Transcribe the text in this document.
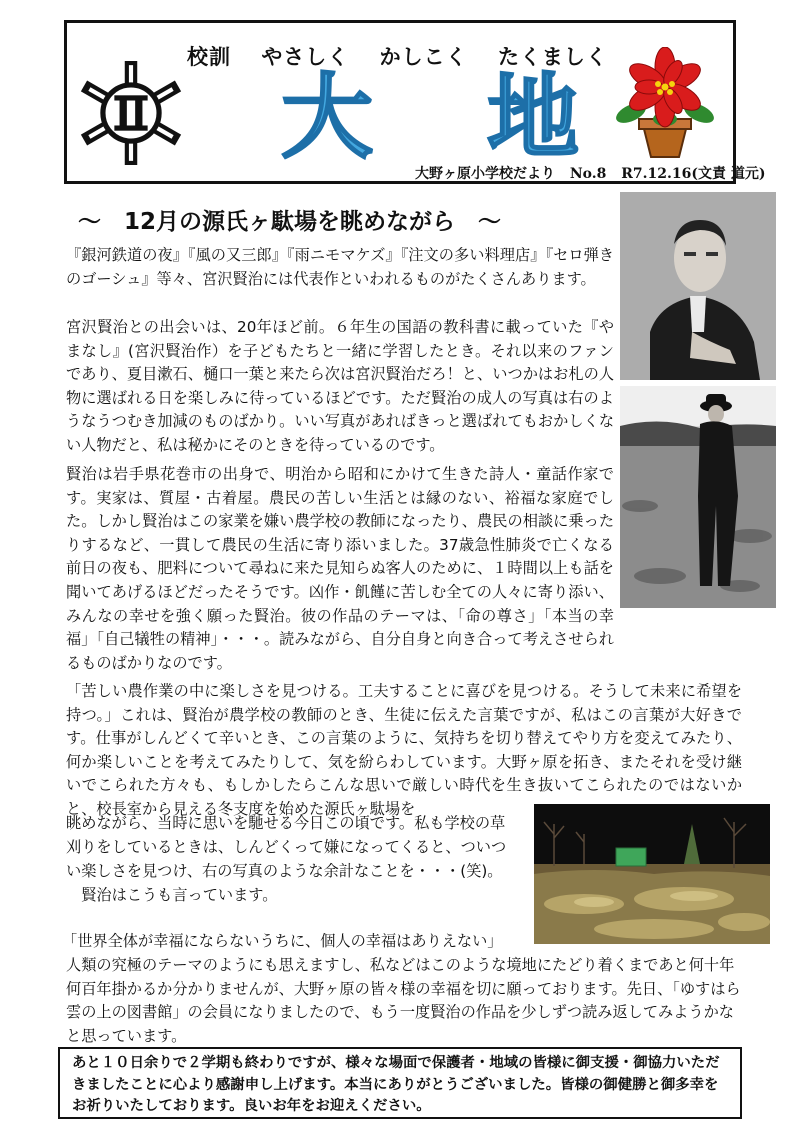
校訓 やさしく かしこく たくましく
大 地
大野ヶ原小学校だより No.8 R7.12.16(文責 道元)
～　12月の源氏ヶ駄場を眺めながら　～

『銀河鉄道の夜』『風の又三郎』『雨ニモマケズ』『注文の多い料理店』『セロ弾きのゴーシュ』等々、宮沢賢治には代表作といわれるものがたくさんあります。

宮沢賢治との出会いは、20年ほど前。６年生の国語の教科書に載っていた『やまなし』(宮沢賢治作）を子どもたちと一緒に学習したとき。それ以来のファンであり、夏目漱石、樋口一葉と来たら次は宮沢賢治だろ！と、いつかはお札の人物に選ばれる日を楽しみに待っているほどです。ただ賢治の成人の写真は右のようなうつむき加減のものばかり。いい写真があればきっと選ばれてもおかしくない人物だと、私は秘かにそのときを待っているのです。

賢治は岩手県花巻市の出身で、明治から昭和にかけて生きた詩人・童話作家です。実家は、質屋・古着屋。農民の苦しい生活とは縁のない、裕福な家庭でした。しかし賢治はこの家業を嫌い農学校の教師になったり、農民の相談に乗ったりするなど、一貫して農民の生活に寄り添いました。37歳急性肺炎で亡くなる前日の夜も、肥料について尋ねに来た見知らぬ客人のために、１時間以上も話を聞いてあげるほどだったそうです。凶作・飢饉に苦しむ全ての人々に寄り添い、みんなの幸せを強く願った賢治。彼の作品のテーマは、「命の尊さ」「本当の幸福」「自己犠牲の精神」・・・。読みながら、自分自身と向き合って考えさせられるものばかりなのです。

「苦しい農作業の中に楽しさを見つける。工夫することに喜びを見つける。そうして未来に希望を持つ。」これは、賢治が農学校の教師のとき、生徒に伝えた言葉ですが、私はこの言葉が大好きです。仕事がしんどくて辛いとき、この言葉のように、気持ちを切り替えてやり方を変えてみたり、何か楽しいことを考えてみたりして、気を紛らわしています。大野ヶ原を拓き、またそれを受け継いでこられた方々も、もしかしたらこんな思いで厳しい時代を生き抜いてこられたのではないかと、校長室から見える冬支度を始めた源氏ヶ駄場を

眺めながら、当時に思いを馳せる今日この頃です。私も学校の草

刈りをしているときは、しんどくって嫌になってくると、ついつ

い楽しさを見つけ、右の写真のような余計なことを・・・(笑)。

　賢治はこうも言っています。

「世界全体が幸福にならないうちに、個人の幸福はありえない」

人類の究極のテーマのようにも思えますし、私などはこのような境地にたどり着くまであと何十年何百年掛かるか分かりませんが、大野ヶ原の皆々様の幸福を切に願っております。先日、「ゆすはら雲の上の図書館」の会員になりましたので、もう一度賢治の作品を少しずつ読み返してみようかなと思っています。

あと１０日余りで２学期も終わりですが、様々な場面で保護者・地域の皆様に御支援・御協力いただきましたことに心より感謝申し上げます。本当にありがとうございました。皆様の御健勝と御多幸をお祈りいたしております。良いお年をお迎えください。
